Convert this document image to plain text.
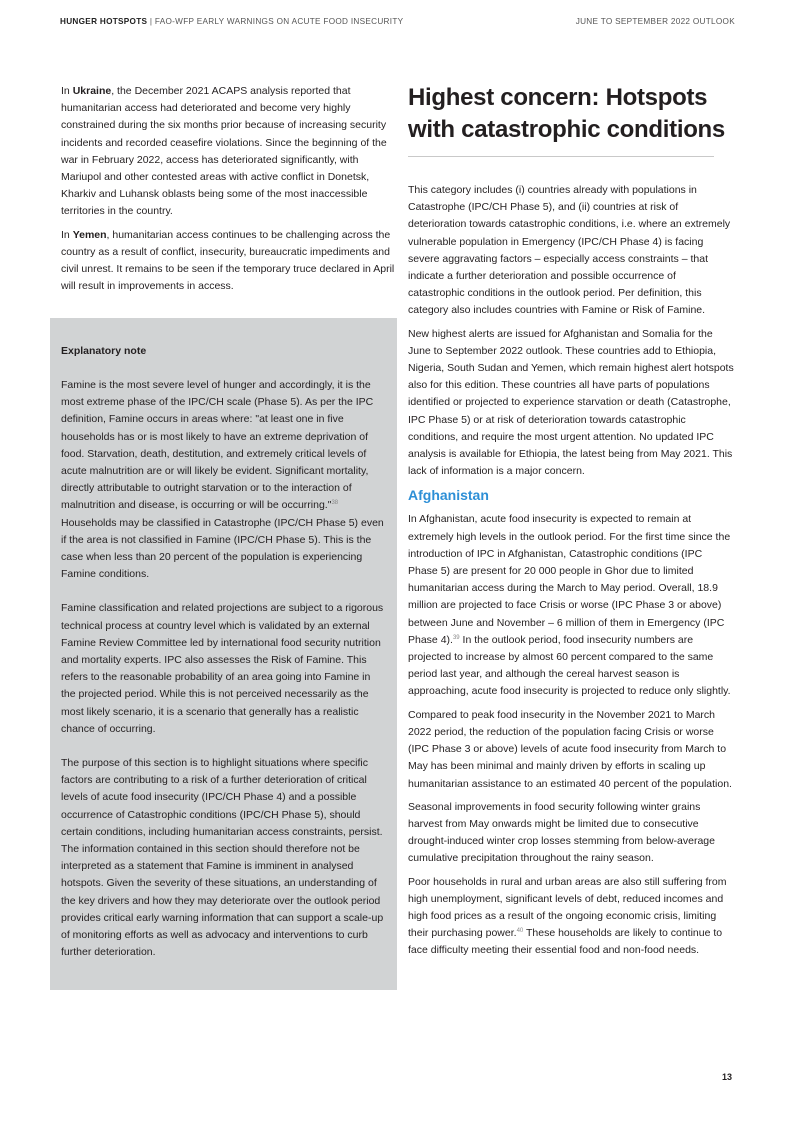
HUNGER HOTSPOTS | FAO-WFP EARLY WARNINGS ON ACUTE FOOD INSECURITY	JUNE TO SEPTEMBER 2022 OUTLOOK

In Ukraine, the December 2021 ACAPS analysis reported that humanitarian access had deteriorated and become very highly constrained during the six months prior because of increasing security incidents and recorded ceasefire violations. Since the beginning of the war in February 2022, access has deteriorated significantly, with Mariupol and other contested areas with active conflict in Donetsk, Kharkiv and Luhansk oblasts being some of the most inaccessible territories in the country.

In Yemen, humanitarian access continues to be challenging across the country as a result of conflict, insecurity, bureaucratic impediments and civil unrest. It remains to be seen if the temporary truce declared in April will result in improvements in access.

Explanatory note

Famine is the most severe level of hunger and accordingly, it is the most extreme phase of the IPC/CH scale (Phase 5). As per the IPC definition, Famine occurs in areas where: "at least one in five households has or is most likely to have an extreme deprivation of food. Starvation, death, destitution, and extremely critical levels of acute malnutrition are or will likely be evident. Significant mortality, directly attributable to outright starvation or to the interaction of malnutrition and disease, is occurring or will be occurring."$^{38}$ Households may be classified in Catastrophe (IPC/CH Phase 5) even if the area is not classified in Famine (IPC/CH Phase 5). This is the case when less than 20 percent of the population is experiencing Famine conditions.

Famine classification and related projections are subject to a rigorous technical process at country level which is validated by an external Famine Review Committee led by international food security nutrition and mortality experts. IPC also assesses the Risk of Famine. This refers to the reasonable probability of an area going into Famine in the projected period. While this is not perceived necessarily as the most likely scenario, it is a scenario that generally has a realistic chance of occurring.

The purpose of this section is to highlight situations where specific factors are contributing to a risk of a further deterioration of critical levels of acute food insecurity (IPC/CH Phase 4) and a possible occurrence of Catastrophic conditions (IPC/CH Phase 5), should certain conditions, including humanitarian access constraints, persist. The information contained in this section should therefore not be interpreted as a statement that Famine is imminent in analysed hotspots. Given the severity of these situations, an understanding of the key drivers and how they may deteriorate over the outlook period provides critical early warning information that can support a scale-up of monitoring efforts as well as advocacy and interventions to curb further deterioration.

Highest concern: Hotspots with catastrophic conditions

This category includes (i) countries already with populations in Catastrophe (IPC/CH Phase 5), and (ii) countries at risk of deterioration towards catastrophic conditions, i.e. where an extremely vulnerable population in Emergency (IPC/CH Phase 4) is facing severe aggravating factors – especially access constraints – that indicate a further deterioration and possible occurrence of catastrophic conditions in the outlook period. Per definition, this category also includes countries with Famine or Risk of Famine.

New highest alerts are issued for Afghanistan and Somalia for the June to September 2022 outlook. These countries add to Ethiopia, Nigeria, South Sudan and Yemen, which remain highest alert hotspots also for this edition. These countries all have parts of populations identified or projected to experience starvation or death (Catastrophe, IPC Phase 5) or at risk of deterioration towards catastrophic conditions, and require the most urgent attention. No updated IPC analysis is available for Ethiopia, the latest being from May 2021. This lack of information is a major concern.

Afghanistan

In Afghanistan, acute food insecurity is expected to remain at extremely high levels in the outlook period. For the first time since the introduction of IPC in Afghanistan, Catastrophic conditions (IPC Phase 5) are present for 20 000 people in Ghor due to limited humanitarian access during the March to May period. Overall, 18.9 million are projected to face Crisis or worse (IPC Phase 3 or above) between June and November – 6 million of them in Emergency (IPC Phase 4).$^{39}$ In the outlook period, food insecurity numbers are projected to increase by almost 60 percent compared to the same period last year, and although the cereal harvest season is approaching, acute food insecurity is projected to reduce only slightly.

Compared to peak food insecurity in the November 2021 to March 2022 period, the reduction of the population facing Crisis or worse (IPC Phase 3 or above) levels of acute food insecurity from March to May has been minimal and mainly driven by efforts in scaling up humanitarian assistance to an estimated 40 percent of the population.

Seasonal improvements in food security following winter grains harvest from May onwards might be limited due to consecutive drought-induced winter crop losses stemming from below-average cumulative precipitation throughout the rainy season.

Poor households in rural and urban areas are also still suffering from high unemployment, significant levels of debt, reduced incomes and high food prices as a result of the ongoing economic crisis, limiting their purchasing power.$^{40}$ These households are likely to continue to face difficulty meeting their essential food and non-food needs.

13
